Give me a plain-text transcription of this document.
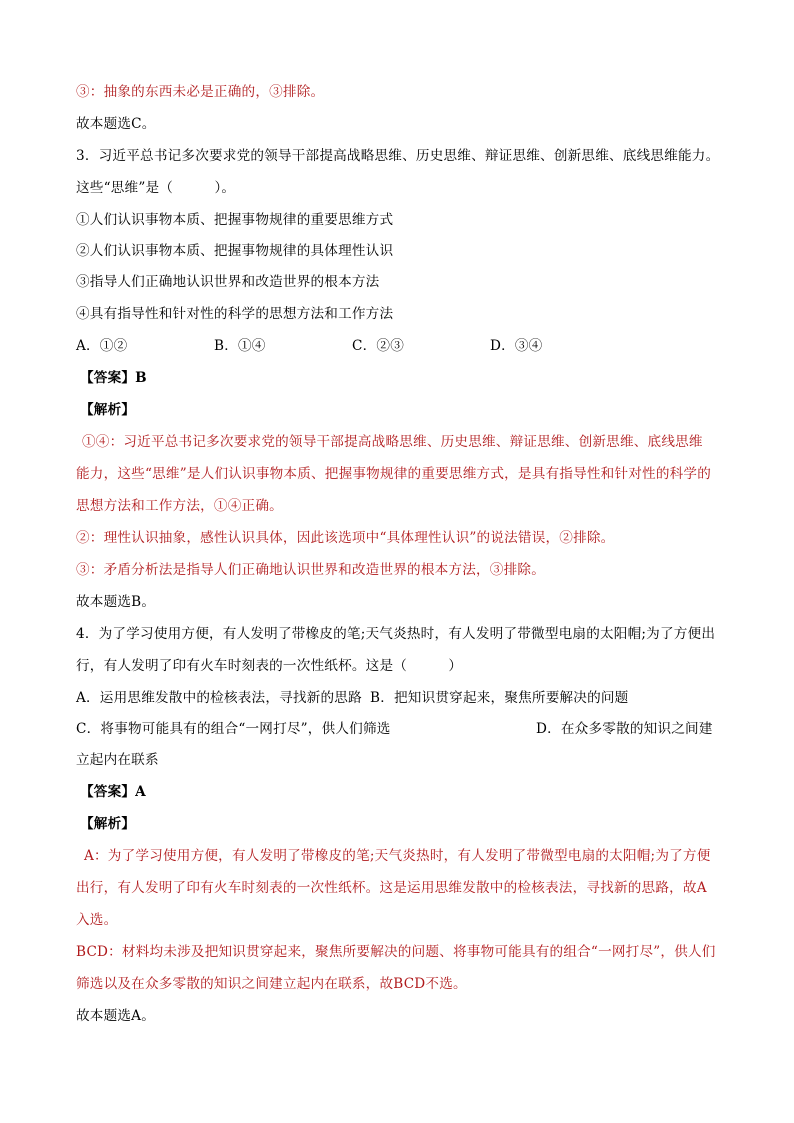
③：抽象的东西未必是正确的，③排除。
故本题选C。
3．习近平总书记多次要求党的领导干部提高战略思维、历史思维、辩证思维、创新思维、底线思维能力。
这些“思维”是（　　　）。
①人们认识事物本质、把握事物规律的重要思维方式
②人们认识事物本质、把握事物规律的具体理性认识
③指导人们正确地认识世界和改造世界的根本方法
④具有指导性和针对性的科学的思想方法和工作方法
A．①②	B．①④	C．②③	D．③④
【答案】B
【解析】
①④：习近平总书记多次要求党的领导干部提高战略思维、历史思维、辩证思维、创新思维、底线思维
能力，这些“思维”是人们认识事物本质、把握事物规律的重要思维方式，是具有指导性和针对性的科学的
思想方法和工作方法，①④正确。
②：理性认识抽象，感性认识具体，因此该选项中“具体理性认识”的说法错误，②排除。
③：矛盾分析法是指导人们正确地认识世界和改造世界的根本方法，③排除。
故本题选B。
4．为了学习使用方便，有人发明了带橡皮的笔;天气炎热时，有人发明了带微型电扇的太阳帽;为了方便出
行，有人发明了印有火车时刻表的一次性纸杯。这是（　　　）
A．运用思维发散中的检核表法，寻找新的思路 B．把知识贯穿起来，聚焦所要解决的问题
C．将事物可能具有的组合“一网打尽”，供人们筛选	D．在众多零散的知识之间建
立起内在联系
【答案】A
【解析】
A：为了学习使用方便，有人发明了带橡皮的笔;天气炎热时，有人发明了带微型电扇的太阳帽;为了方便
出行，有人发明了印有火车时刻表的一次性纸杯。这是运用思维发散中的检核表法，寻找新的思路，故A
入选。
BCD：材料均未涉及把知识贯穿起来，聚焦所要解决的问题、将事物可能具有的组合“一网打尽”，供人们
筛选以及在众多零散的知识之间建立起内在联系，故BCD不选。
故本题选A。
